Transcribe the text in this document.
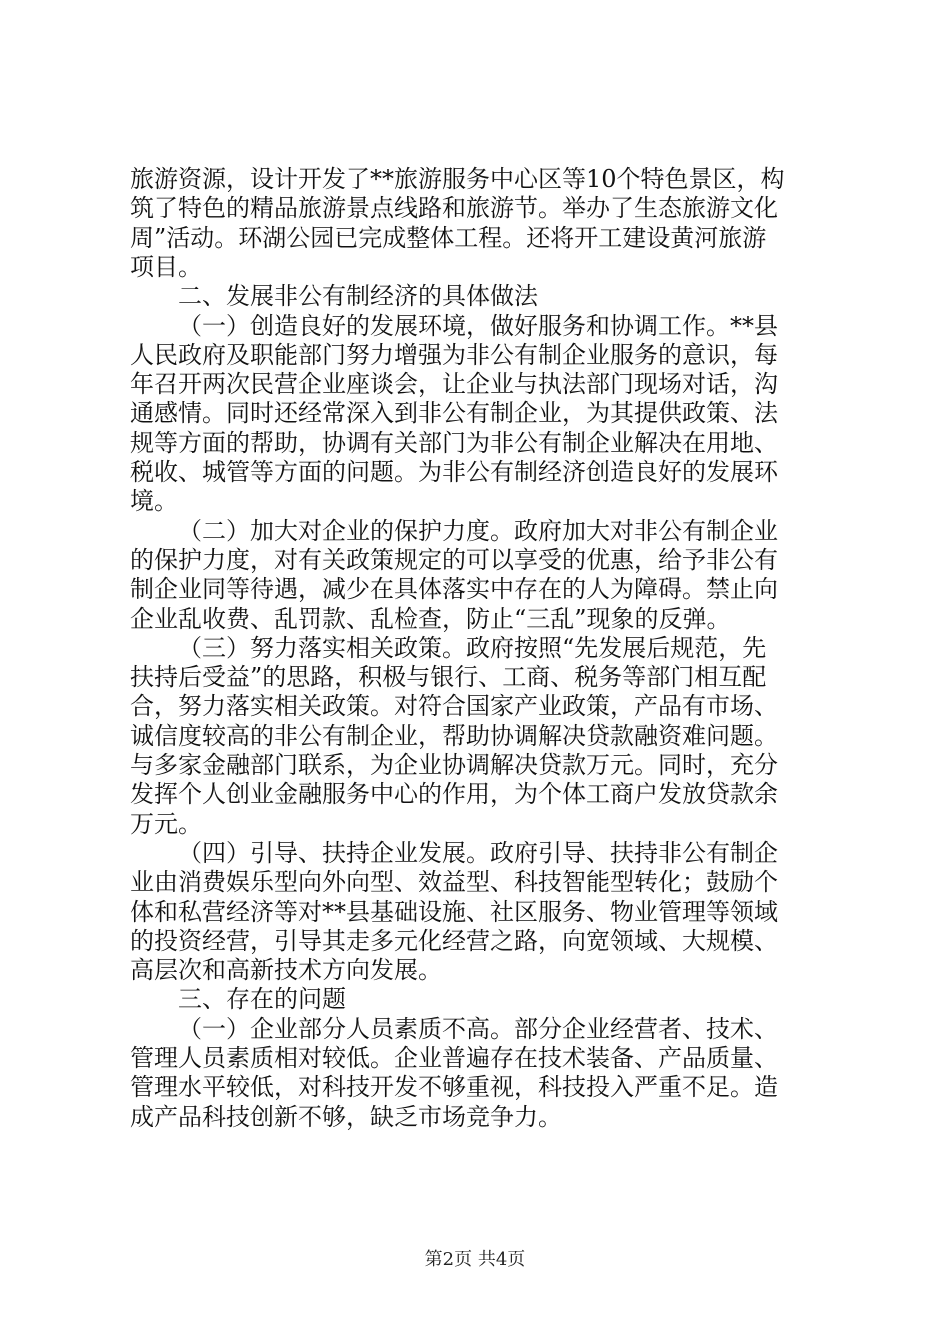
旅游资源，设计开发了**旅游服务中心区等10个特色景区，构
筑了特色的精品旅游景点线路和旅游节。举办了生态旅游文化
周”活动。环湖公园已完成整体工程。还将开工建设黄河旅游
项目。
二、发展非公有制经济的具体做法
（一）创造良好的发展环境，做好服务和协调工作。**县
人民政府及职能部门努力增强为非公有制企业服务的意识，每
年召开两次民营企业座谈会，让企业与执法部门现场对话，沟
通感情。同时还经常深入到非公有制企业，为其提供政策、法
规等方面的帮助，协调有关部门为非公有制企业解决在用地、
税收、城管等方面的问题。为非公有制经济创造良好的发展环
境。
（二）加大对企业的保护力度。政府加大对非公有制企业
的保护力度，对有关政策规定的可以享受的优惠，给予非公有
制企业同等待遇，减少在具体落实中存在的人为障碍。禁止向
企业乱收费、乱罚款、乱检查，防止“三乱”现象的反弹。
（三）努力落实相关政策。政府按照“先发展后规范，先
扶持后受益”的思路，积极与银行、工商、税务等部门相互配
合，努力落实相关政策。对符合国家产业政策，产品有市场、
诚信度较高的非公有制企业，帮助协调解决贷款融资难问题。
与多家金融部门联系，为企业协调解决贷款万元。同时，充分
发挥个人创业金融服务中心的作用，为个体工商户发放贷款余
万元。
（四）引导、扶持企业发展。政府引导、扶持非公有制企
业由消费娱乐型向外向型、效益型、科技智能型转化；鼓励个
体和私营经济等对**县基础设施、社区服务、物业管理等领域
的投资经营，引导其走多元化经营之路，向宽领域、大规模、
高层次和高新技术方向发展。
三、存在的问题
（一）企业部分人员素质不高。部分企业经营者、技术、
管理人员素质相对较低。企业普遍存在技术装备、产品质量、
管理水平较低，对科技开发不够重视，科技投入严重不足。造
成产品科技创新不够，缺乏市场竞争力。
第2页 共4页
